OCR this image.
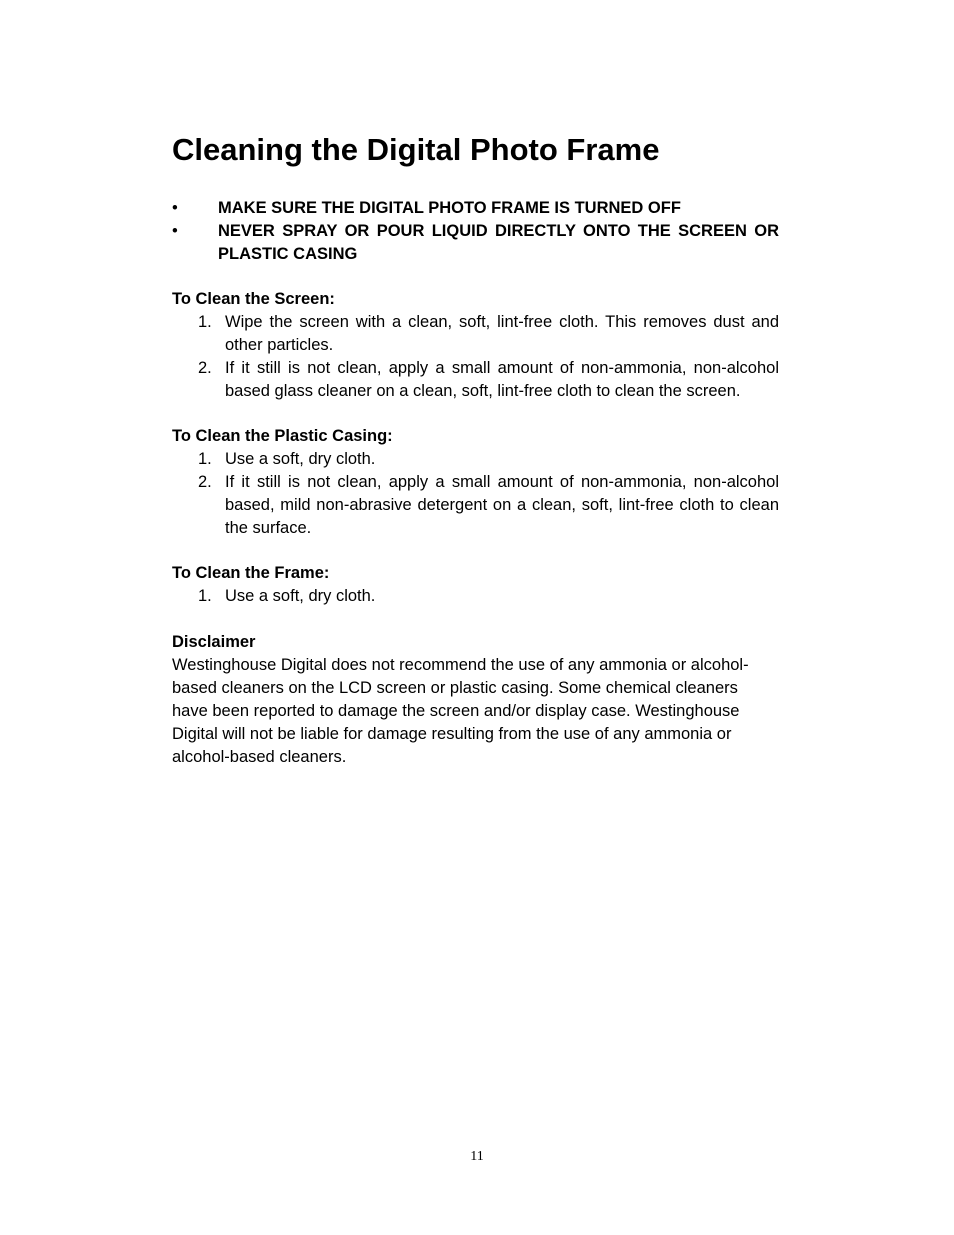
Cleaning the Digital Photo Frame
•	MAKE SURE THE DIGITAL PHOTO FRAME IS TURNED OFF
•	NEVER SPRAY OR POUR LIQUID DIRECTLY ONTO THE SCREEN OR PLASTIC CASING
To Clean the Screen:
1. Wipe the screen with a clean, soft, lint-free cloth. This removes dust and other particles.
2. If it still is not clean, apply a small amount of non-ammonia, non-alcohol based glass cleaner on a clean, soft, lint-free cloth to clean the screen.
To Clean the Plastic Casing:
1. Use a soft, dry cloth.
2. If it still is not clean, apply a small amount of non-ammonia, non-alcohol based, mild non-abrasive detergent on a clean, soft, lint-free cloth to clean the surface.
To Clean the Frame:
1. Use a soft, dry cloth.
Disclaimer

Westinghouse Digital does not recommend the use of any ammonia or alcohol-based cleaners on the LCD screen or plastic casing. Some chemical cleaners have been reported to damage the screen and/or display case. Westinghouse Digital will not be liable for damage resulting from the use of any ammonia or alcohol-based cleaners.

11
